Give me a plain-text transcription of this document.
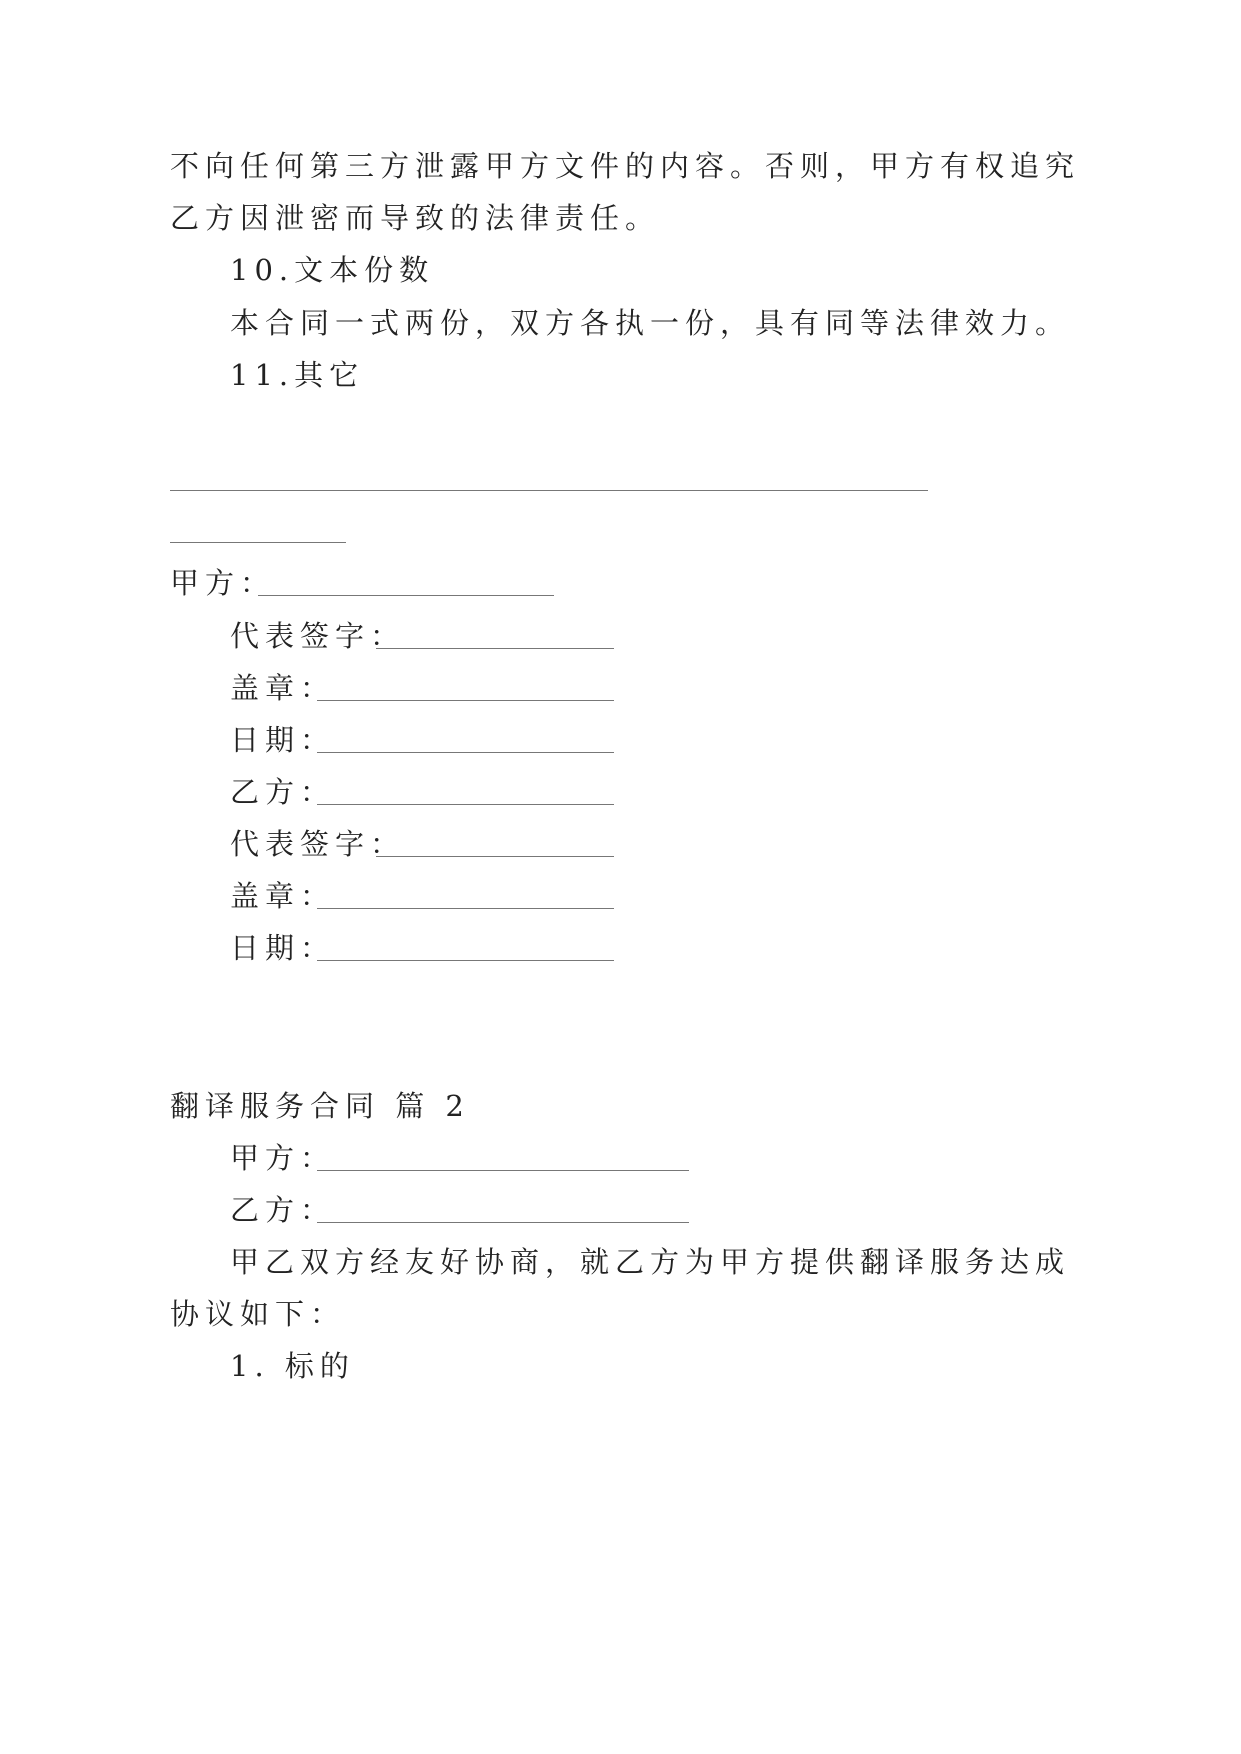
不向任何第三方泄露甲方文件的内容。否则，甲方有权追究
乙方因泄密而导致的法律责任。
10.文本份数
本合同一式两份，双方各执一份，具有同等法律效力。
11.其它
甲方：
代表签字：
盖章：
日期：
乙方：
代表签字：
盖章：
日期：
翻译服务合同 篇 2
甲方：
乙方：
甲乙双方经友好协商，就乙方为甲方提供翻译服务达成
协议如下：
1. 标的
